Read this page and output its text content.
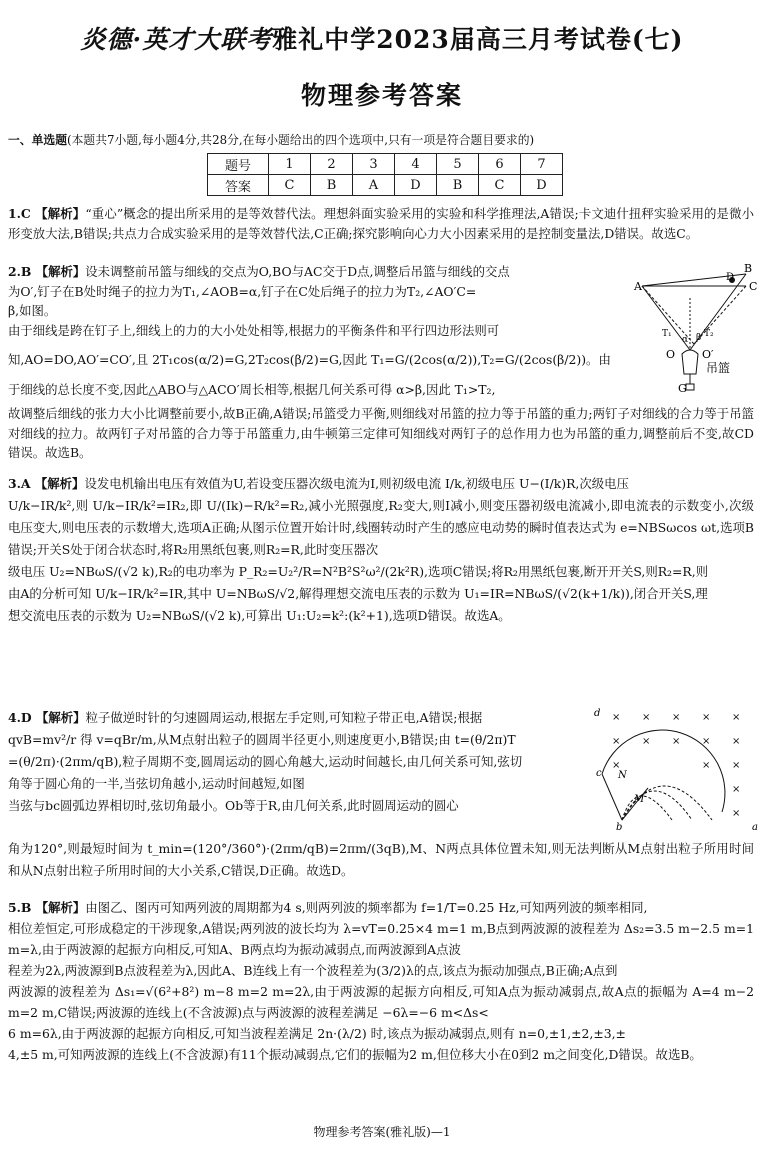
炎德·英才大联考雅礼中学2023届高三月考试卷(七)
物理参考答案
一、单选题(本题共7小题,每小题4分,共28分,在每小题给出的四个选项中,只有一项是符合题目要求的)
题号	1	2	3	4	5	6	7
答案	C	B	A	D	B	C	D
1.C 【解析】“重心”概念的提出所采用的是等效替代法。理想斜面实验采用的实验和科学推理法,A错误;卡文迪什扭秤实验采用的是微小形变放大法,B错误;共点力合成实验采用的是等效替代法,C正确;探究影响向心力大小因素采用的是控制变量法,D错误。故选C。
2.B 【解析】设未调整前吊篮与细线的交点为O,BO与AC交于D点,调整后吊篮与细线的交点
为O′,钉子在B处时绳子的拉力为T₁,∠AOB=α,钉子在C处后绳子的拉力为T₂,∠AO′C=
β,如图。
由于细线是跨在钉子上,细线上的力的大小处处相等,根据力的平衡条件和平行四边形法则可

知,AO=DO,AO′=CO′,且 2T₁cos(α/2)=G,2T₂cos(β/2)=G,因此 T₁=G/(2cos(α/2)),T₂=G/(2cos(β/2))。由
于细线的总长度不变,因此△ABO与△ACO′周长相等,根据几何关系可得 α>β,因此 T₁>T₂,
故调整后细线的张力大小比调整前要小,故B正确,A错误;吊篮受力平衡,则细线对吊篮的拉力等于吊篮的重力;两钉子对细线的合力等于吊篮对细线的拉力。故两钉子对吊篮的合力等于吊篮重力,由牛顿第三定律可知细线对两钉子的总作用力也为吊篮的重力,调整前后不变,故CD错误。故选B。
A
B
C
D
T₁	T₂
α β
O O′
G
吊篮
3.A 【解析】设发电机输出电压有效值为U,若设变压器次级电流为I,则初级电流 I/k,初级电压 U−(I/k)R,次级电压
U/k−IR/k²,则 U/k−IR/k²=IR₂,即 U/(Ik)−R/k²=R₂,减小光照强度,R₂变大,则I减小,则变压器初级电流减小,即电流表的示数变小,次级电压变大,则电压表的示数增大,选项A正确;从图示位置开始计时,线圈转动时产生的感应电动势的瞬时值表达式为 e=NBSωcos ωt,选项B错误;开关S处于闭合状态时,将R₂用黑纸包裹,则R₂=R,此时变压器次
级电压 U₂=NBωS/(√2 k),R₂的电功率为 P_R₂=U₂²/R=N²B²S²ω²/(2k²R),选项C错误;将R₂用黑纸包裹,断开开关S,则R₂=R,则
由A的分析可知 U/k−IR/k²=IR,其中 U=NBωS/√2,解得理想交流电压表的示数为 U₁=IR=NBωS/(√2(k+1/k)),闭合开关S,理
想交流电压表的示数为 U₂=NBωS/(√2 k),可算出 U₁:U₂=k²:(k²+1),选项D错误。故选A。
4.D 【解析】粒子做逆时针的匀速圆周运动,根据左手定则,可知粒子带正电,A错误;根据
qvB=mv²/r 得 v=qBr/m,从M点射出粒子的圆周半径更小,则速度更小,B错误;由 t=(θ/2π)T
=(θ/2π)·(2πm/qB),粒子周期不变,圆周运动的圆心角越大,运动时间越长,由几何关系可知,弦切
角等于圆心角的一半,当弦切角越小,运动时间越短,如图
当弦与bc圆弧边界相切时,弦切角最小。Ob等于R,由几何关系,此时圆周运动的圆心
角为120°,则最短时间为 t_min=(120°/360°)·(2πm/qB)=2πm/(3qB),M、N两点具体位置未知,则无法判断从M点射出粒子所用时间和从N点射出粒子所用时间的大小关系,C错误,D正确。故选D。
× × × × ×
× × × × ×
×	× ×
×
×
d
c N
M
b	a
5.B 【解析】由图乙、图丙可知两列波的周期都为4 s,则两列波的频率都为 f=1/T=0.25 Hz,可知两列波的频率相同,
相位差恒定,可形成稳定的干涉现象,A错误;两列波的波长均为 λ=vT=0.25×4 m=1 m,B点到两波源的波程差为 Δs₂=3.5 m−2.5 m=1 m=λ,由于两波源的起振方向相反,可知A、B两点均为振动减弱点,而两波源到A点波
程差为2λ,两波源到B点波程差为λ,因此A、B连线上有一个波程差为(3/2)λ的点,该点为振动加强点,B正确;A点到
两波源的波程差为 Δs₁=√(6²+8²) m−8 m=2 m=2λ,由于两波源的起振方向相反,可知A点为振动减弱点,故A点的振幅为 A=4 m−2 m=2 m,C错误;两波源的连线上(不含波源)点与两波源的波程差满足 −6λ=−6 m<Δs<
6 m=6λ,由于两波源的起振方向相反,可知当波程差满足 2n·(λ/2) 时,该点为振动减弱点,则有 n=0,±1,±2,±3,±
4,±5 m,可知两波源的连线上(不含波源)有11个振动减弱点,它们的振幅为2 m,但位移大小在0到2 m之间变化,D错误。故选B。
物理参考答案(雅礼版)—1
